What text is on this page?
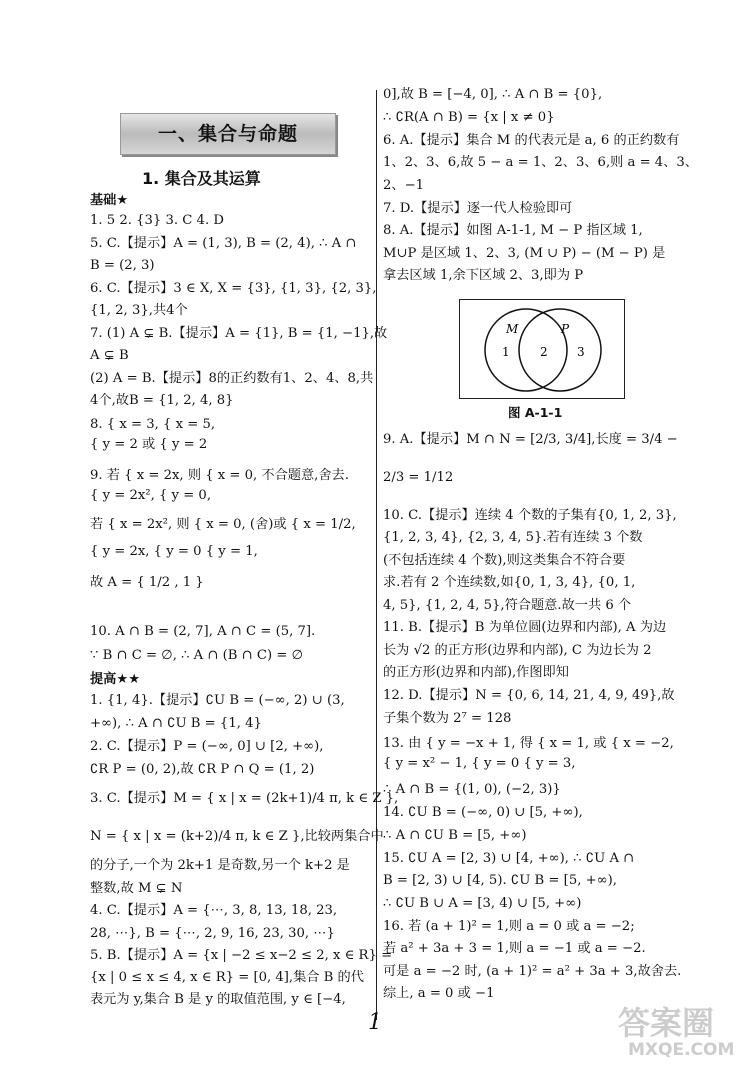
一、集合与命题
1. 集合及其运算
基础★
1. 5 2. {3} 3. C 4. D
5. C.【提示】A = (1, 3), B = (2, 4), ∴ A ∩
B = (2, 3)
6. C.【提示】3 ∈ X, X = {3}, {1, 3}, {2, 3},
{1, 2, 3},共4个
7. (1) A ⊊ B.【提示】A = {1}, B = {1, −1},故
A ⊊ B
(2) A = B.【提示】8的正约数有1、2、4、8,共
4个,故B = {1, 2, 4, 8}
8. { x = 3, { x = 5,
{ y = 2 或 { y = 2
9. 若 { x = 2x, 则 { x = 0, 不合题意,舍去.
{ y = 2x², { y = 0,
若 { x = 2x², 则 { x = 0, (舍)或 { x = 1/2,
{ y = 2x, { y = 0 { y = 1,
故 A = { 1/2 , 1 }
10. A ∩ B = (2, 7], A ∩ C = (5, 7].
∵ B ∩ C = ∅, ∴ A ∩ (B ∩ C) = ∅
提高★★
1. {1, 4}.【提示】∁U B = (−∞, 2) ∪ (3,
+∞), ∴ A ∩ ∁U B = {1, 4}
2. C.【提示】P = (−∞, 0] ∪ [2, +∞),
∁R P = (0, 2),故 ∁R P ∩ Q = (1, 2)
3. C.【提示】M = { x | x = (2k+1)/4 π, k ∈ Z },
N = { x | x = (k+2)/4 π, k ∈ Z },比较两集合中
的分子,一个为 2k+1 是奇数,另一个 k+2 是
整数,故 M ⊊ N
4. C.【提示】A = {⋯, 3, 8, 13, 18, 23,
28, ⋯}, B = {⋯, 2, 9, 16, 23, 30, ⋯}
5. B.【提示】A = {x | −2 ≤ x−2 ≤ 2, x ∈ R} =
{x | 0 ≤ x ≤ 4, x ∈ R} = [0, 4],集合 B 的代
表元为 y,集合 B 是 y 的取值范围, y ∈ [−4,
0],故 B = [−4, 0], ∴ A ∩ B = {0},
∴ ∁R(A ∩ B) = {x | x ≠ 0}
6. A.【提示】集合 M 的代表元是 a, 6 的正约数有
1、2、3、6,故 5 − a = 1、2、3、6,则 a = 4、3、
2、−1
7. D.【提示】逐一代人检验即可
8. A.【提示】如图 A-1-1, M − P 指区域 1,
M∪P 是区域 1、2、3, (M ∪ P) − (M − P) 是
拿去区域 1,余下区域 2、3,即为 P
9. A.【提示】M ∩ N = [2/3, 3/4],长度 = 3/4 −
2/3 = 1/12
10. C.【提示】连续 4 个数的子集有{0, 1, 2, 3},
{1, 2, 3, 4}, {2, 3, 4, 5}.若有连续 3 个数
(不包括连续 4 个数),则这类集合不符合要
求.若有 2 个连续数,如{0, 1, 3, 4}, {0, 1,
4, 5}, {1, 2, 4, 5},符合题意.故一共 6 个
11. B.【提示】B 为单位圆(边界和内部), A 为边
长为 √2 的正方形(边界和内部), C 为边长为 2
的正方形(边界和内部),作图即知
12. D.【提示】N = {0, 6, 14, 21, 4, 9, 49},故
子集个数为 2⁷ = 128
13. 由 { y = −x + 1, 得 { x = 1, 或 { x = −2,
{ y = x² − 1, { y = 0 { y = 3,
∴ A ∩ B = {(1, 0), (−2, 3)}
14. ∁U B = (−∞, 0) ∪ [5, +∞),
∴ A ∩ ∁U B = [5, +∞)
15. ∁U A = [2, 3) ∪ [4, +∞), ∴ ∁U A ∩
B = [2, 3) ∪ [4, 5). ∁U B = [5, +∞),
∴ ∁U B ∪ A = [3, 4) ∪ [5, +∞)
16. 若 (a + 1)² = 1,则 a = 0 或 a = −2;
若 a² + 3a + 3 = 1,则 a = −1 或 a = −2.
可是 a = −2 时, (a + 1)² = a² + 3a + 3,故舍去.
综上, a = 0 或 −1
M	P
1	2 3
图 A-1-1
1	答案圈
MXQE.COM
